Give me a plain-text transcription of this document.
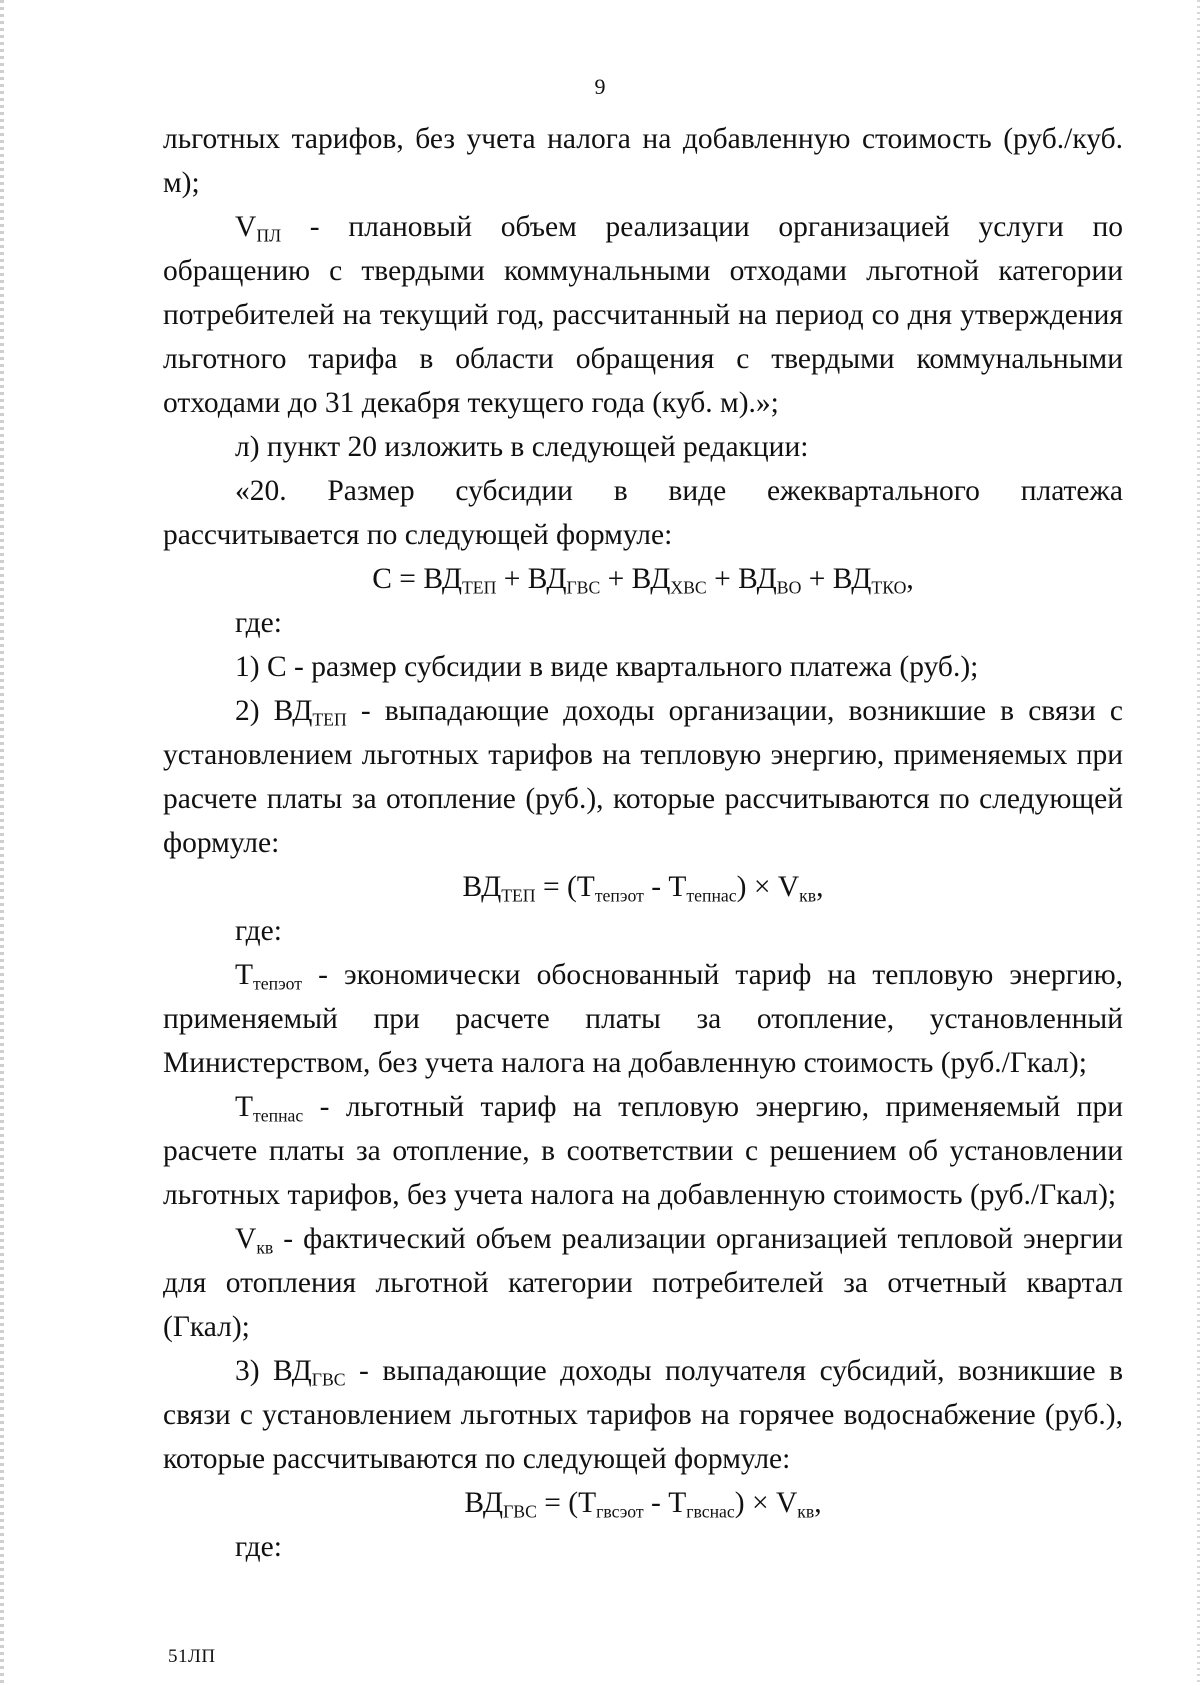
9

льготных тарифов, без учета налога на добавленную стоимость (руб./куб. м);

$V_{ПЛ}$ - плановый объем реализации организацией услуги по обращению с твердыми коммунальными отходами льготной категории потребителей на текущий год, рассчитанный на период со дня утверждения льготного тарифа в области обращения с твердыми коммунальными отходами до 31 декабря текущего года (куб. м).»;

л) пункт 20 изложить в следующей редакции:

«20. Размер субсидии в виде ежеквартального платежа рассчитывается по следующей формуле:

$С = ВД_{ТЕП} + ВД_{ГВС} + ВД_{ХВС} + ВД_{ВО} + ВД_{ТКО}$,

где:

1) С - размер субсидии в виде квартального платежа (руб.);

2) $ВД_{ТЕП}$ - выпадающие доходы организации, возникшие в связи с установлением льготных тарифов на тепловую энергию, применяемых при расчете платы за отопление (руб.), которые рассчитываются по следующей формуле:

$ВД_{ТЕП} = (Т_{тепэот} - Т_{тепнас}) \times V_{кв}$,

где:

$Т_{тепэот}$ - экономически обоснованный тариф на тепловую энергию, применяемый при расчете платы за отопление, установленный Министерством, без учета налога на добавленную стоимость (руб./Гкал);

$Т_{тепнас}$ - льготный тариф на тепловую энергию, применяемый при расчете платы за отопление, в соответствии с решением об установлении льготных тарифов, без учета налога на добавленную стоимость (руб./Гкал);

$V_{кв}$ - фактический объем реализации организацией тепловой энергии для отопления льготной категории потребителей за отчетный квартал (Гкал);

3) $ВД_{ГВС}$ - выпадающие доходы получателя субсидий, возникшие в связи с установлением льготных тарифов на горячее водоснабжение (руб.), которые рассчитываются по следующей формуле:

$ВД_{ГВС} = (Т_{гвсэот} - Т_{гвснас}) \times V_{кв}$,

где:

51ЛП
